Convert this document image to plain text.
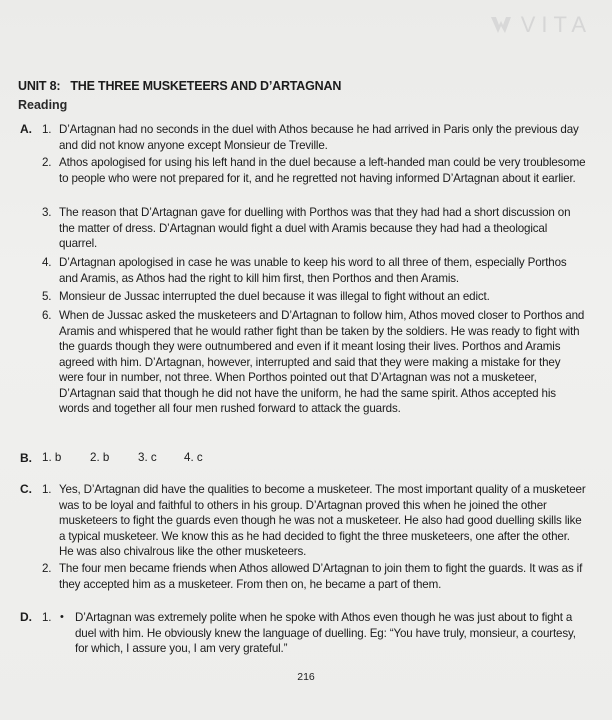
VITA
UNIT 8: THE THREE MUSKETEERS AND D’ARTAGNAN
Reading
A. 1. D’Artagnan had no seconds in the duel with Athos because he had arrived in Paris only the previous day and did not know anyone except Monsieur de Treville.
2. Athos apologised for using his left hand in the duel because a left-handed man could be very troublesome to people who were not prepared for it, and he regretted not having informed D’Artagnan about it earlier.
3. The reason that D’Artagnan gave for duelling with Porthos was that they had had a short discussion on the matter of dress. D’Artagnan would fight a duel with Aramis because they had had a theological quarrel.
4. D’Artagnan apologised in case he was unable to keep his word to all three of them, especially Porthos and Aramis, as Athos had the right to kill him first, then Porthos and then Aramis.
5. Monsieur de Jussac interrupted the duel because it was illegal to fight without an edict.
6. When de Jussac asked the musketeers and D’Artagnan to follow him, Athos moved closer to Porthos and Aramis and whispered that he would rather fight than be taken by the soldiers. He was ready to fight with the guards though they were outnumbered and even if it meant losing their lives. Porthos and Aramis agreed with him. D’Artagnan, however, interrupted and said that they were making a mistake for they were four in number, not three. When Porthos pointed out that D’Artagnan was not a musketeer, D’Artagnan said that though he did not have the uniform, he had the same spirit. Athos accepted his words and together all four men rushed forward to attack the guards.
B. 1. b	2. b	3. c	4. c
C. 1. Yes, D’Artagnan did have the qualities to become a musketeer. The most important quality of a musketeer was to be loyal and faithful to others in his group. D’Artagnan proved this when he joined the other musketeers to fight the guards even though he was not a musketeer. He also had good duelling skills like a typical musketeer. We know this as he had decided to fight the three musketeers, one after the other. He was also chivalrous like the other musketeers.
2. The four men became friends when Athos allowed D’Artagnan to join them to fight the guards. It was as if they accepted him as a musketeer. From then on, he became a part of them.
D. 1. • D’Artagnan was extremely polite when he spoke with Athos even though he was just about to fight a duel with him. He obviously knew the language of duelling. Eg: “You have truly, monsieur, a courtesy, for which, I assure you, I am very grateful.”
216
